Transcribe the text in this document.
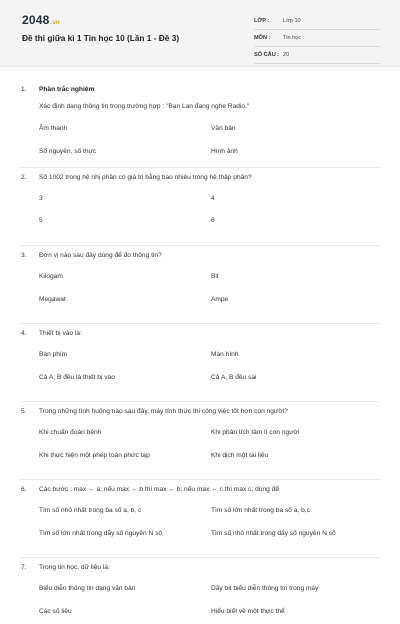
2048.vn
Đề thi giữa kì 1 Tin học 10 (Lần 1 - Đề 3)
LỚP :	Lớp 10
MÔN :	Tin học
SỐ CÂU : 20
1.	Phần trắc nghiệm
Xác định dạng thông tin trong trường hợp : "Bạn Lan đang nghe Radio."
Âm thanh	Văn bản
Số nguyên, số thực	Hình ảnh
2.	Số 1002 trong hệ nhị phân có giá trị bằng bao nhiêu trong hệ thập phân?
3	4
5	6
3.	Đơn vị nào sau đây dùng để đo thông tin?
Kilogam	Bit
Megawat	Ampe
4.	Thiết bị vào là:
Bàn phím	Màn hình
Cả A, B đều là thiết bị vào	Cả A, B đều sai
5.	Trong những tình huống nào sau đây, máy tính thực thi công việc tốt hơn con người?
Khi chuẩn đoán bệnh	Khi phân tích tâm lí con người
Khi thực hiện một phép toán phức tạp	Khi dịch một tài liệu
6.	Các bước : max ← a; nếu max ← b thì max ← b; nếu max ← c thì max c; dùng để
Tìm số nhỏ nhất trong ba số a, b, c	Tìm số lớn nhất trong ba số a, b,c
Tìm số lớn nhất trong dãy số nguyên N số	Tìm số nhỏ nhất trong dãy số nguyên N số
7.	Trong tin học, dữ liệu là:
Biểu diễn thông tin dạng văn bản	Dãy bit biểu diễn thông tin trong máy
Các số liệu	Hiểu biết về một thực thể
